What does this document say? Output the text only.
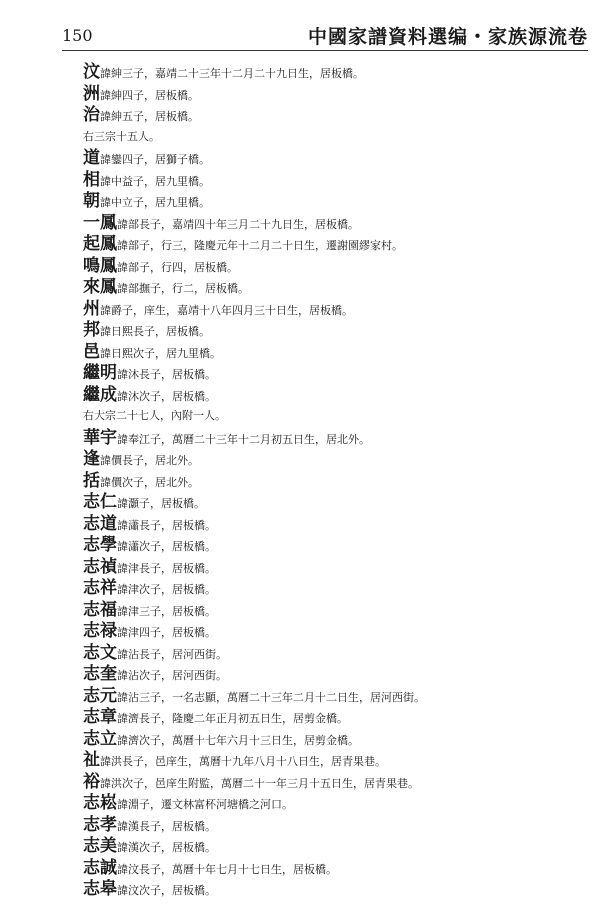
150	中國家譜資料選编・家族源流卷
汶諱紳三子，嘉靖二十三年十二月二十九日生，居板橋。
洲諱紳四子，居板橋。
治諱紳五子，居板橋。
右三宗十五人。
道諱鑾四子，居獅子橋。
相諱中益子，居九里橋。
朝諱中立子，居九里橋。
一鳳諱部長子，嘉靖四十年三月二十九日生，居板橋。
起鳳諱部子，行三，隆慶元年十二月二十日生，遷謝園繆家村。
鳴鳳諱部子，行四，居板橋。
來鳳諱部撫子，行二，居板橋。
州諱爵子，庠生，嘉靖十八年四月三十日生，居板橋。
邦諱日熙長子，居板橋。
邑諱日熙次子，居九里橋。
繼明諱沐長子，居板橋。
繼成諱沐次子，居板橋。
右大宗二十七人，內附一人。
華宇諱奉江子，萬曆二十三年十二月初五日生，居北外。
逢諱價長子，居北外。
括諱價次子，居北外。
志仁諱灝子，居板橋。
志道諱瀟長子，居板橋。
志學諱瀟次子，居板橋。
志禎諱津長子，居板橋。
志祥諱津次子，居板橋。
志福諱津三子，居板橋。
志禄諱津四子，居板橋。
志文諱沾長子，居河西街。
志奎諱沾次子，居河西街。
志元諱沾三子，一名志顯，萬曆二十三年二月十二日生，居河西街。
志章諱濟長子，隆慶二年正月初五日生，居剪金橋。
志立諱濟次子，萬曆十七年六月十三日生，居剪金橋。
祉諱洪長子，邑庠生，萬曆十九年八月十八日生，居青果巷。
裕諱洪次子，邑庠生附監，萬曆二十一年三月十五日生，居青果巷。
志崧諱淵子，遷文林富杯河塘橋之河口。
志孝諱漢長子，居板橋。
志美諱漢次子，居板橋。
志誠諱汶長子，萬曆十年七月十七日生，居板橋。
志皋諱汶次子，居板橋。
